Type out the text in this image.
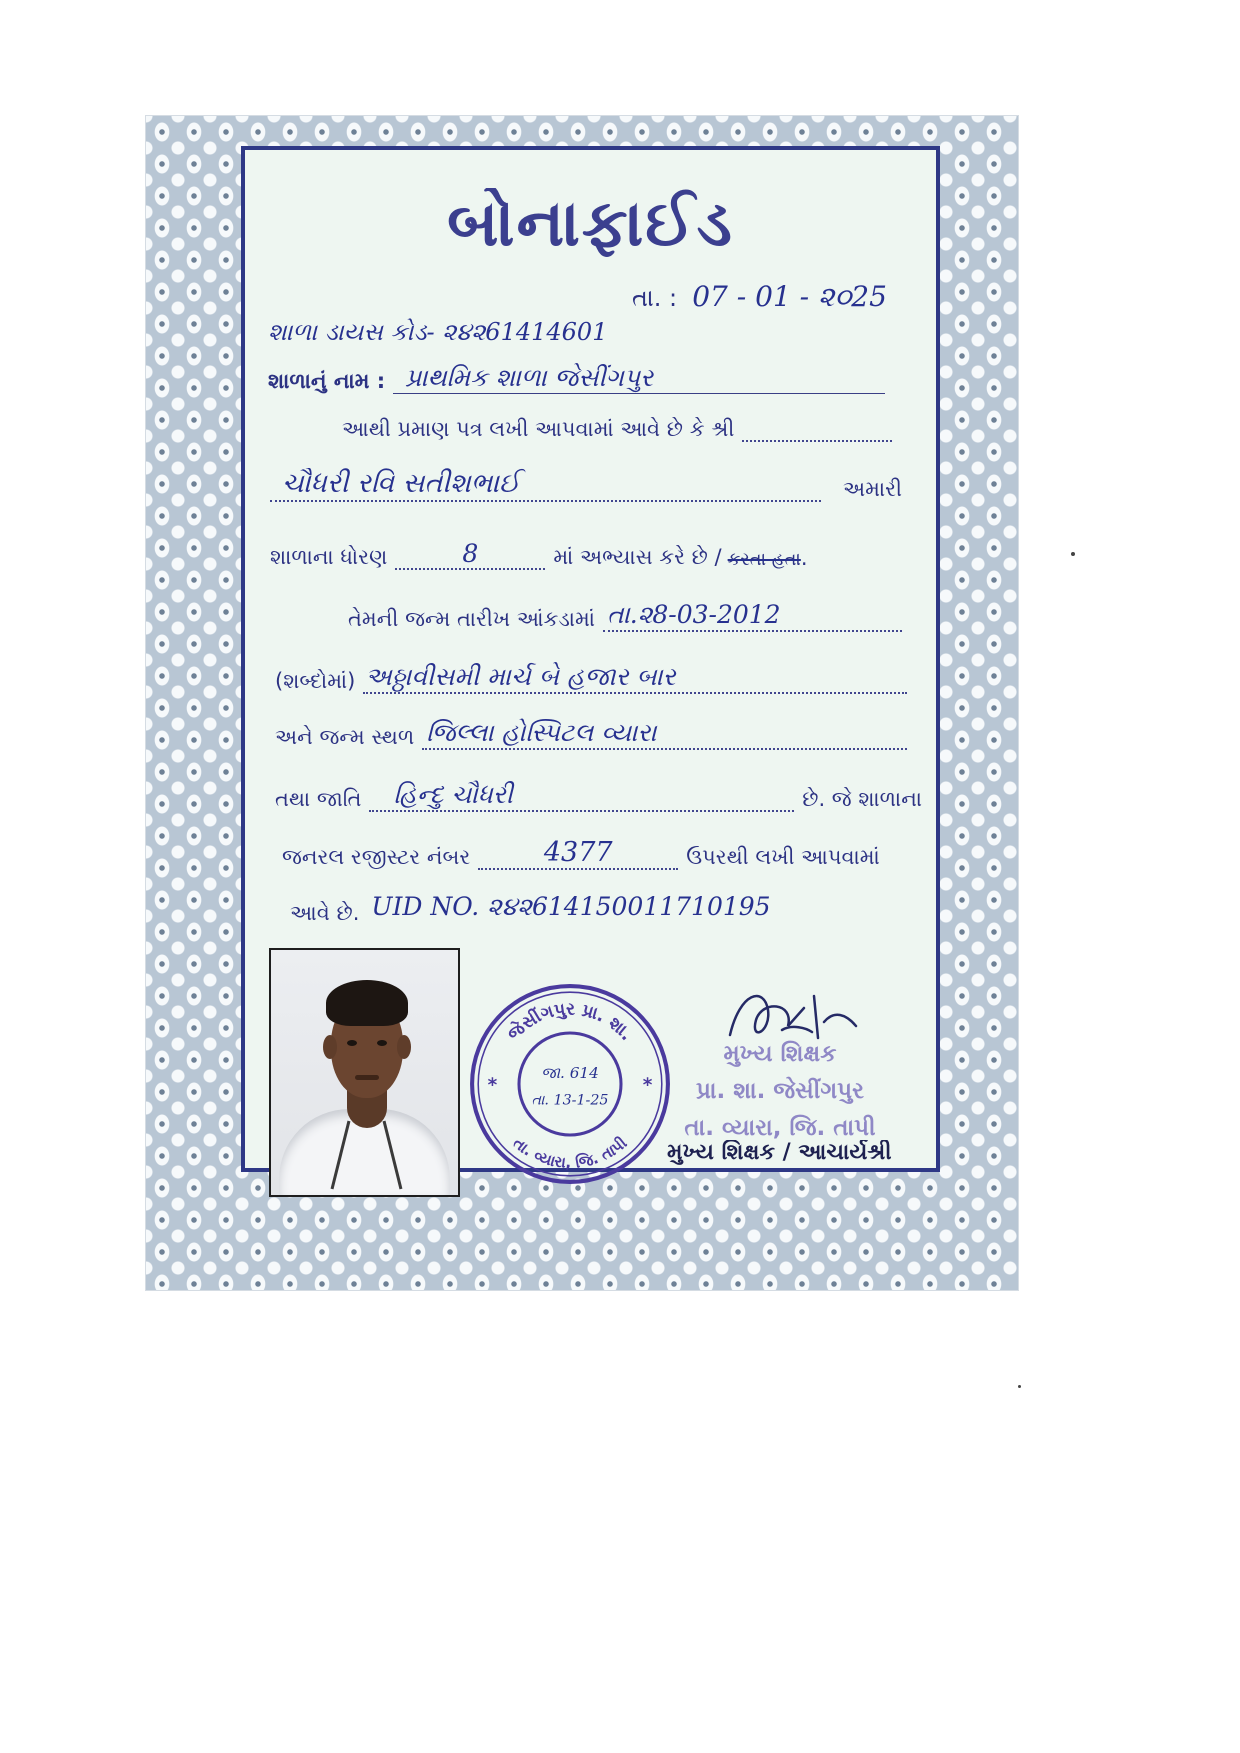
બોનાફાઈડ
તા. : 07 - 01 - ૨૦25
શાળા ડાયસ કોડ- ૨૪૨61414601
શાળાનું નામ : પ્રાથમિક શાળા જેસીંગપુર
આથી પ્રમાણ પત્ર લખી આપવામાં આવે છે કે શ્રી
ચૌધરી રવિ સતીશભાઈ	અમારી
શાળાના ધોરણ	8	માં અભ્યાસ કરે છે / કરતા હતા .
તેમની જન્મ તારીખ આંકડામાં તા.૨8-03-2012
(શબ્દોમાં) અઠ્ઠાવીસમી માર્ચ બે હજાર બાર
અને જન્મ સ્થળ જિલ્લા હોસ્પિટલ વ્યારા
તથા જાતિ હિન્દુ ચૌધરી	છે. જે શાળાના
જનરલ રજીસ્ટર નંબર	4377	ઉપરથી લખી આપવામાં
આવે છે. UID NO. ૨૪૨614150011710195
જેસીંગપુર પ્રા. શા.
તા. વ્યારા, જિ. તાપી
*	*
જા. 614
તા. 13-1-25
મુખ્ય શિક્ષક
પ્રા. શા. જેસીંગપુર
તા. વ્યારા, જિ. તાપી
મુખ્ય શિક્ષક / આચાર્યશ્રી
